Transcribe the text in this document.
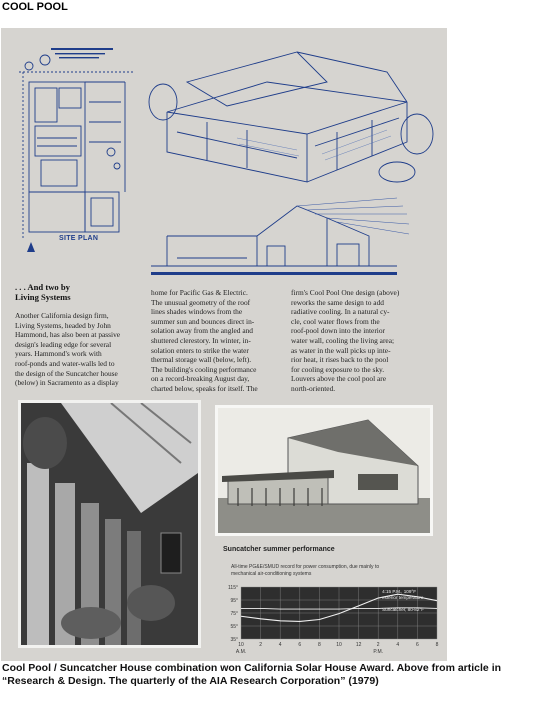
COOL POOL
SITE PLAN
. . . And two by
Living Systems
Another California design firm,
Living Systems, headed by John
Hammond, has also been at passive
design's leading edge for several
years. Hammond's work with
roof-ponds and water-walls led to
the design of the Suncatcher house
(below) in Sacramento as a display
home for Pacific Gas & Electric.
The unusual geometry of the roof
lines shades windows from the
summer sun and bounces direct in-
solation away from the angled and
shuttered clerestory. In winter, in-
solation enters to strike the water
thermal storage wall (below, left).
The building's cooling performance
on a record-breaking August day,
charted below, speaks for itself. The
firm's Cool Pool One design (above)
reworks the same design to add
radiative cooling. In a natural cy-
cle, cool water flows from the
roof-pool down into the interior
water wall, cooling the living area;
as water in the wall picks up inte-
rior heat, it rises back to the pool
for cooling exposure to the sky.
Louvers above the cool pool are
north-oriented.
Suncatcher summer performance
All-time PG&E/SMUD record for power consumption, due mainly to mechanical air-conditioning systems
115°
95°
75°
55°
35°
10	2	4	6	8	10	12	2	4	6	8
A.M.	P.M.
4:15 P.M., 109°F
exterior temperature
Suncatcher, 80-82°F
Cool Pool / Suncatcher House combination won California Solar House Award. Above from article in “Research & Design. The quarterly of the AIA Research Corporation” (1979)
